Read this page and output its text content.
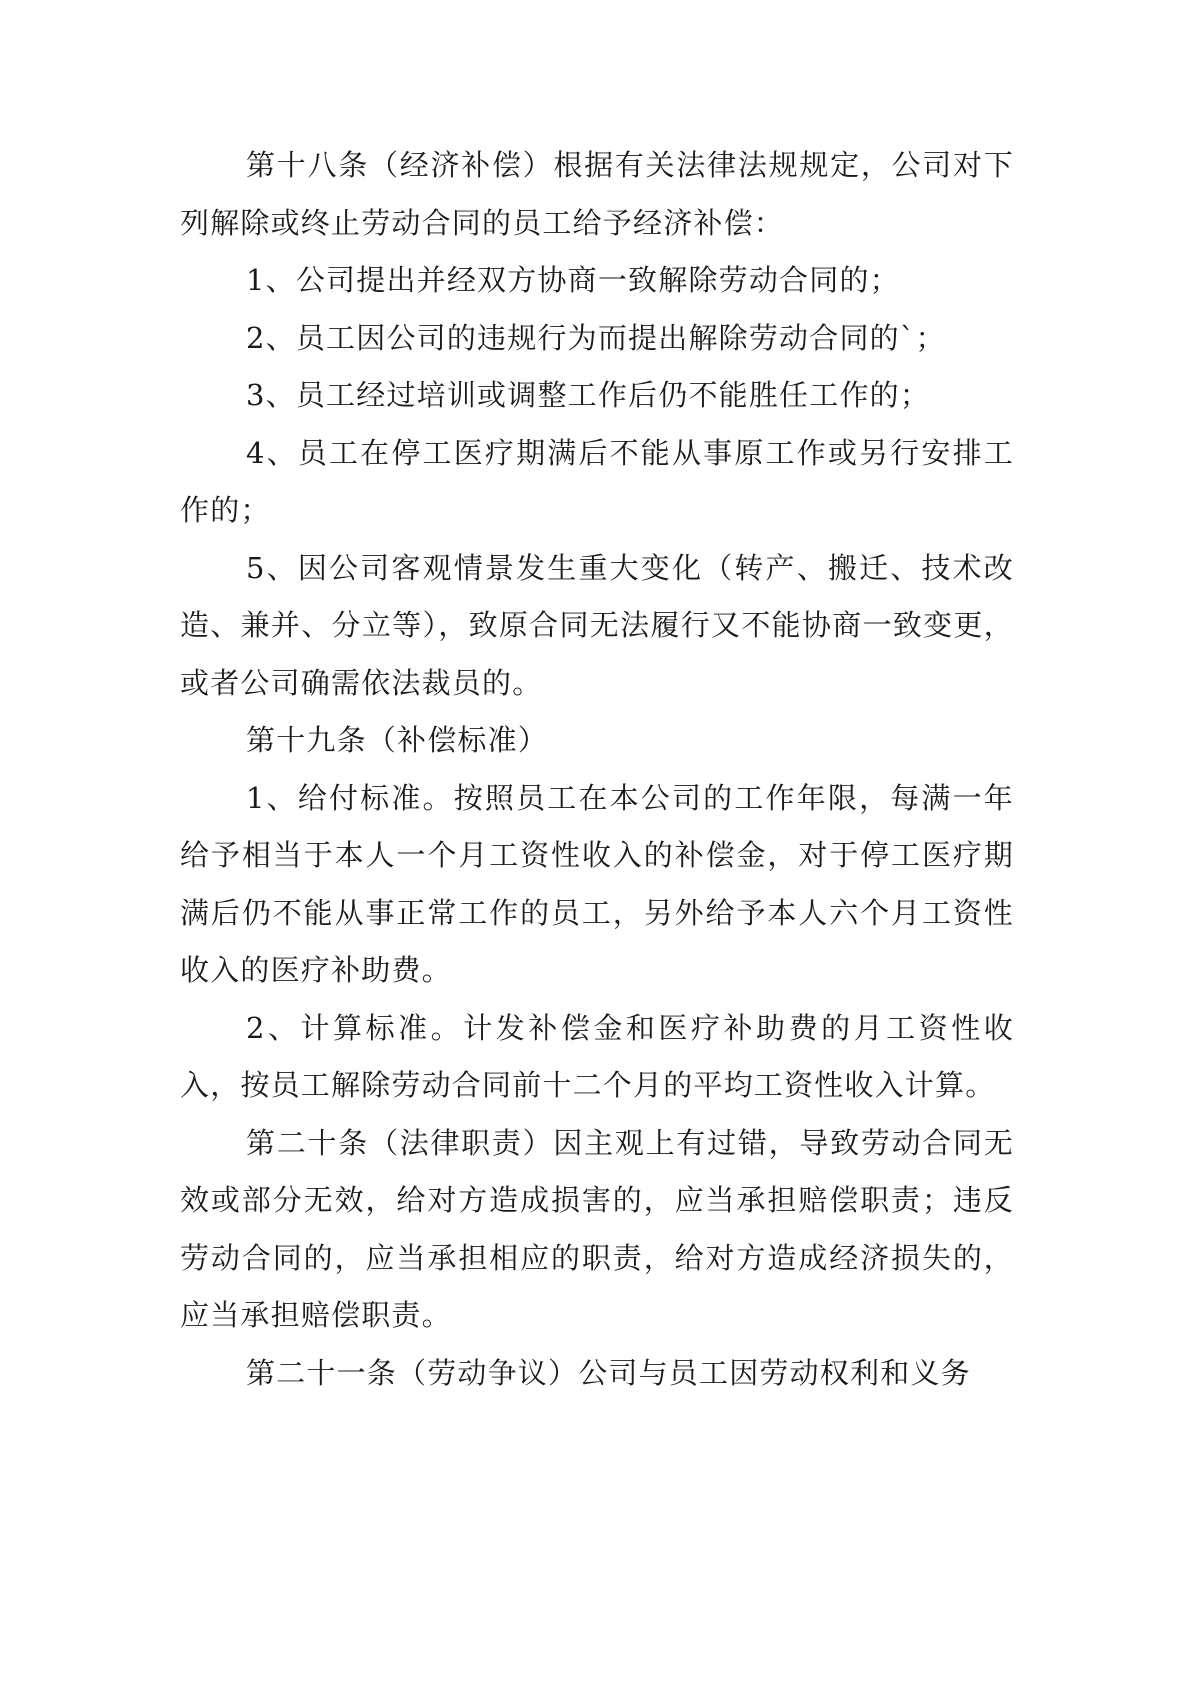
第十八条（经济补偿）根据有关法律法规规定，公司对下列解除或终止劳动合同的员工给予经济补偿：

1、公司提出并经双方协商一致解除劳动合同的；

2、员工因公司的违规行为而提出解除劳动合同的`；

3、员工经过培训或调整工作后仍不能胜任工作的；

4、员工在停工医疗期满后不能从事原工作或另行安排工作的；

5、因公司客观情景发生重大变化（转产、搬迁、技术改造、兼并、分立等），致原合同无法履行又不能协商一致变更，或者公司确需依法裁员的。

第十九条（补偿标准）

1、给付标准。按照员工在本公司的工作年限，每满一年给予相当于本人一个月工资性收入的补偿金，对于停工医疗期满后仍不能从事正常工作的员工，另外给予本人六个月工资性收入的医疗补助费。

2、计算标准。计发补偿金和医疗补助费的月工资性收入，按员工解除劳动合同前十二个月的平均工资性收入计算。

第二十条（法律职责）因主观上有过错，导致劳动合同无效或部分无效，给对方造成损害的，应当承担赔偿职责；违反劳动合同的，应当承担相应的职责，给对方造成经济损失的，应当承担赔偿职责。

第二十一条（劳动争议）公司与员工因劳动权利和义务
